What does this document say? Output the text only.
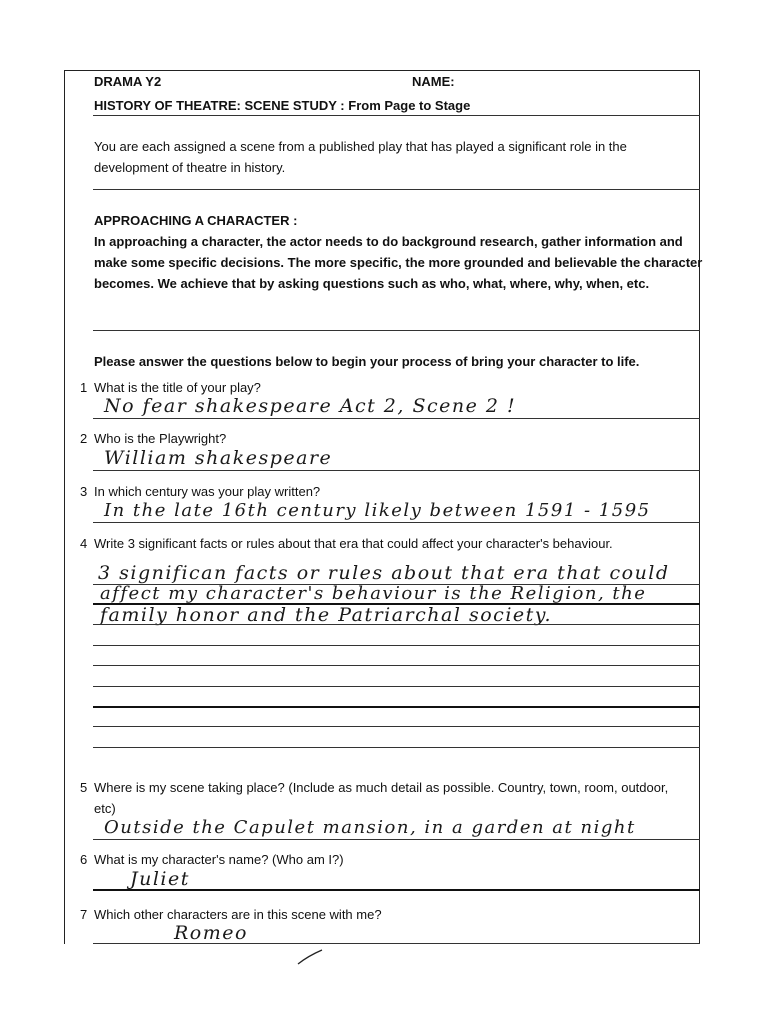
DRAMA Y2	NAME:
HISTORY OF THEATRE: SCENE STUDY : From Page to Stage
You are each assigned a scene from a published play that has played a significant role in the
development of theatre in history.
APPROACHING A CHARACTER :
In approaching a character, the actor needs to do background research, gather information and
make some specific decisions. The more specific, the more grounded and believable the character
becomes. We achieve that by asking questions such as who, what, where, why, when, etc.
Please answer the questions below to begin your process of bring your character to life.
1 What is the title of your play?
No fear shakespeare Act 2, Scene 2 !
2 Who is the Playwright?
William shakespeare
3 In which century was your play written?
In the late 16th century likely between 1591 - 1595
4 Write 3 significant facts or rules about that era that could affect your character's behaviour.
3 significan facts or rules about that era that could
affect my character's behaviour is the Religion, the
family honor and the Patriarchal society.
5 Where is my scene taking place? (Include as much detail as possible. Country, town, room, outdoor,
etc)
Outside the Capulet mansion, in a garden at night
6 What is my character's name? (Who am I?)
Juliet
7 Which other characters are in this scene with me?
Romeo
